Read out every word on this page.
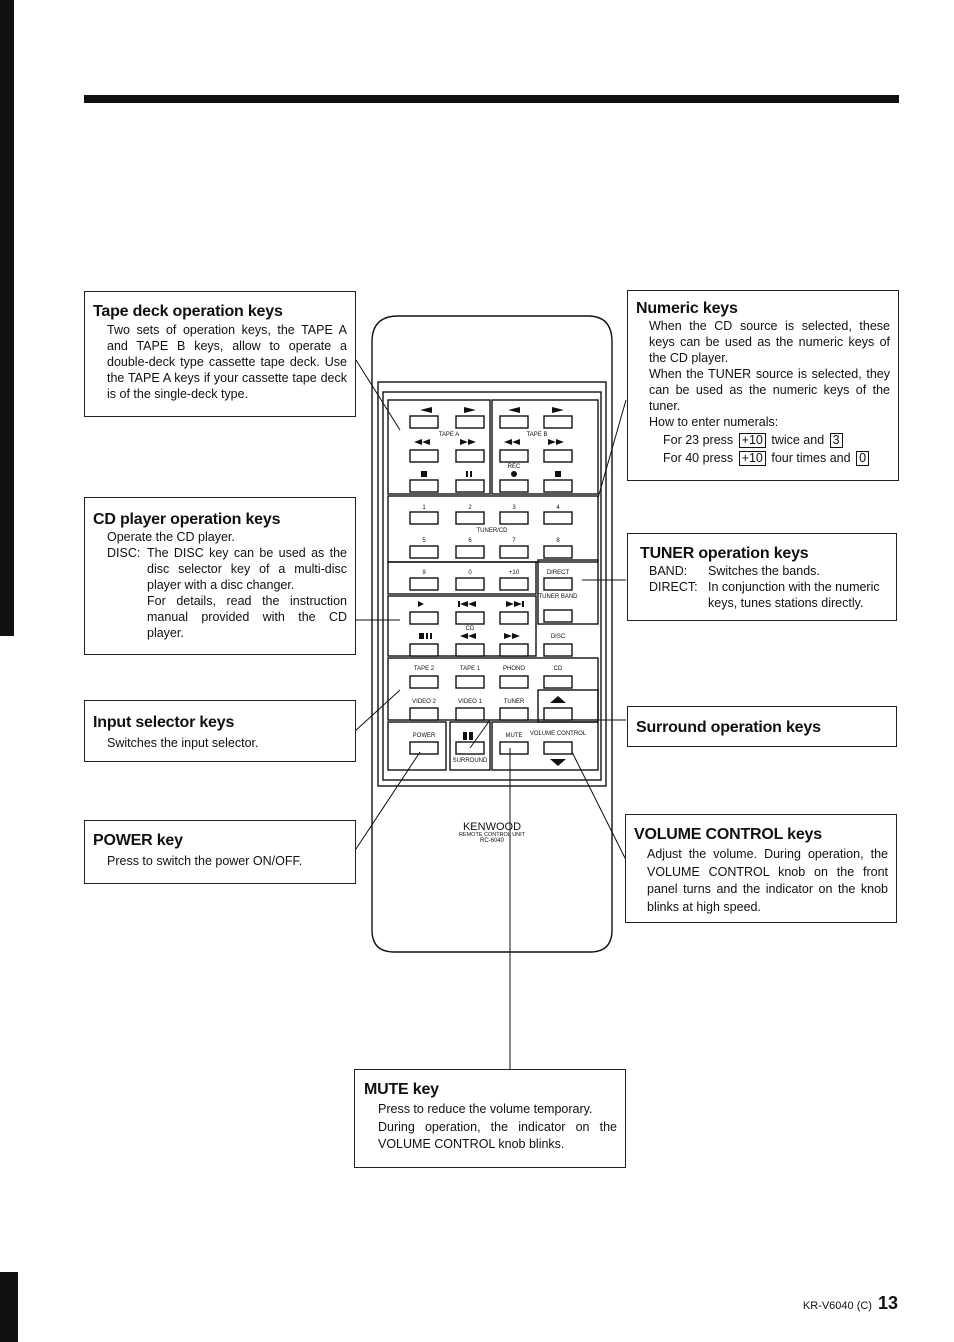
TAPE A	TAPE B
REC
1	2	3	4
TUNER/CD
5	6	7	8
9	0	+10	DIRECT
TUNER BAND
CD
DISC
TAPE 2	TAPE 1	PHONO	CD
VIDEO 2	VIDEO 1	TUNER
VOLUME CONTROL
POWER	MUTE
SURROUND
KENWOOD
REMOTE CONTROL UNIT
RC-6040
Tape deck operation keys
Two sets of operation keys, the TAPE A and TAPE B keys, allow to operate a double-deck type cassette tape deck. Use the TAPE A keys if your cassette tape deck is of the single-deck type.
CD player operation keys
Operate the CD player.
DISC: The DISC key can be used as the disc selector key of a multi-disc player with a disc changer.
For details, read the instruction manual provided with the CD player.
Input selector keys
Switches the input selector.
POWER key
Press to switch the power ON/OFF.
Numeric keys
When the CD source is selected, these keys can be used as the numeric keys of the CD player.
When the TUNER source is selected, they can be used as the numeric keys of the tuner.
How to enter numerals:
For 23 press +10 twice and 3
For 40 press +10 four times and 0
TUNER operation keys
BAND:	Switches the bands.
DIRECT: In conjunction with the numeric keys, tunes stations directly.
Surround operation keys
VOLUME CONTROL keys
Adjust the volume. During operation, the VOLUME CONTROL knob on the front panel turns and the indicator on the knob blinks at high speed.
MUTE key
Press to reduce the volume temporary.
During operation, the indicator on the VOLUME CONTROL knob blinks.
KR-V6040 (C) 13
